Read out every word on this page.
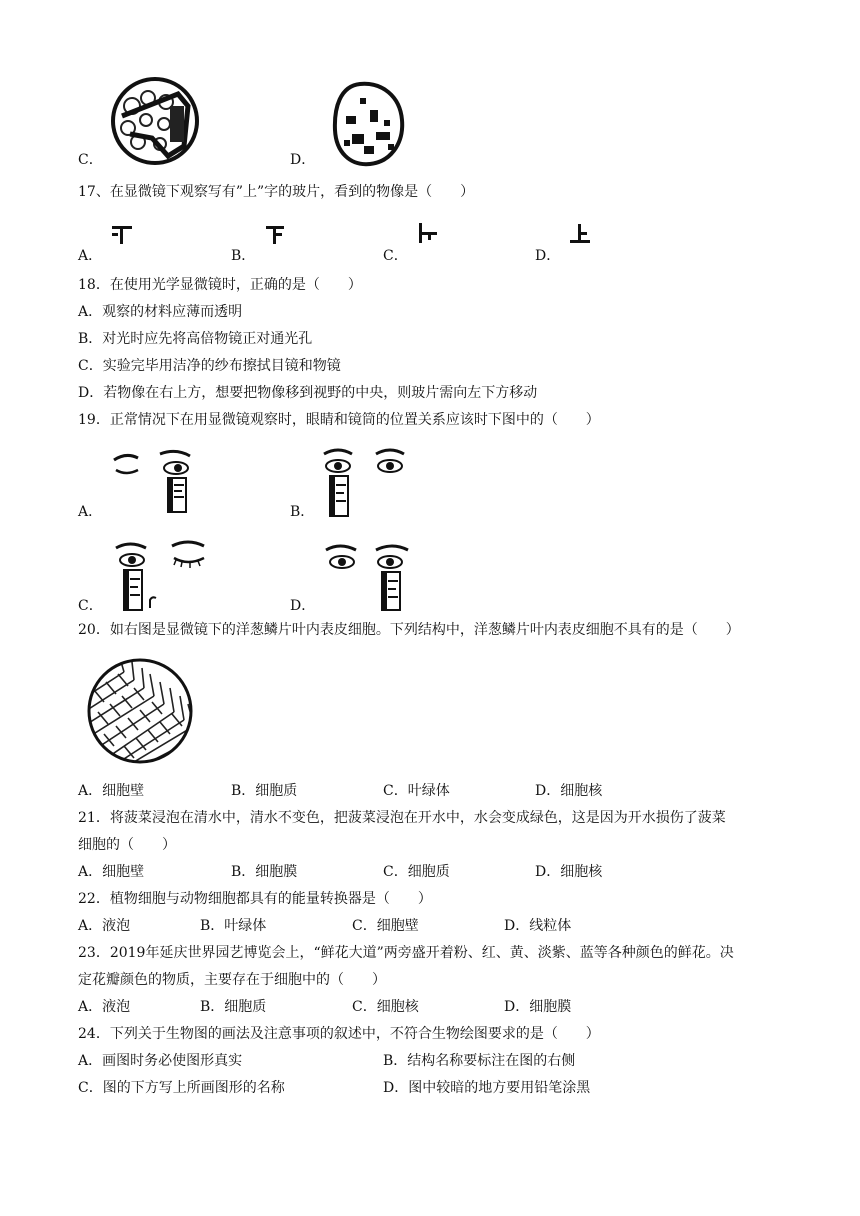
C．	D．
17、在显微镜下观察写有”上”字的玻片，看到的物像是（　　）
A．	B．	C．	D．
18．在使用光学显微镜时，正确的是（　　）
A．观察的材料应薄而透明
B．对光时应先将高倍物镜正对通光孔
C．实验完毕用洁净的纱布擦拭目镜和物镜
D．若物像在右上方，想要把物像移到视野的中央，则玻片需向左下方移动
19．正常情况下在用显微镜观察时，眼睛和镜筒的位置关系应该时下图中的（　　）
A．	B．
C．	D．
20．如右图是显微镜下的洋葱鳞片叶内表皮细胞。下列结构中，洋葱鳞片叶内表皮细胞不具有的是（　　）
A．细胞壁	B．细胞质	C．叶绿体	D．细胞核
21．将菠菜浸泡在清水中，清水不变色，把菠菜浸泡在开水中，水会变成绿色，这是因为开水损伤了菠菜
细胞的（　　）
A．细胞壁	B．细胞膜	C．细胞质	D．细胞核
22．植物细胞与动物细胞都具有的能量转换器是（　　）
A．液泡	B．叶绿体	C．细胞壁	D．线粒体
23．2019年延庆世界园艺博览会上，“鲜花大道”两旁盛开着粉、红、黄、淡紫、蓝等各种颜色的鲜花。决
定花瓣颜色的物质，主要存在于细胞中的（　　）
A．液泡	B．细胞质	C．细胞核	D．细胞膜
24．下列关于生物图的画法及注意事项的叙述中，不符合生物绘图要求的是（　　）
A．画图时务必使图形真实	B．结构名称要标注在图的右侧
C．图的下方写上所画图形的名称	D．图中较暗的地方要用铅笔涂黑
